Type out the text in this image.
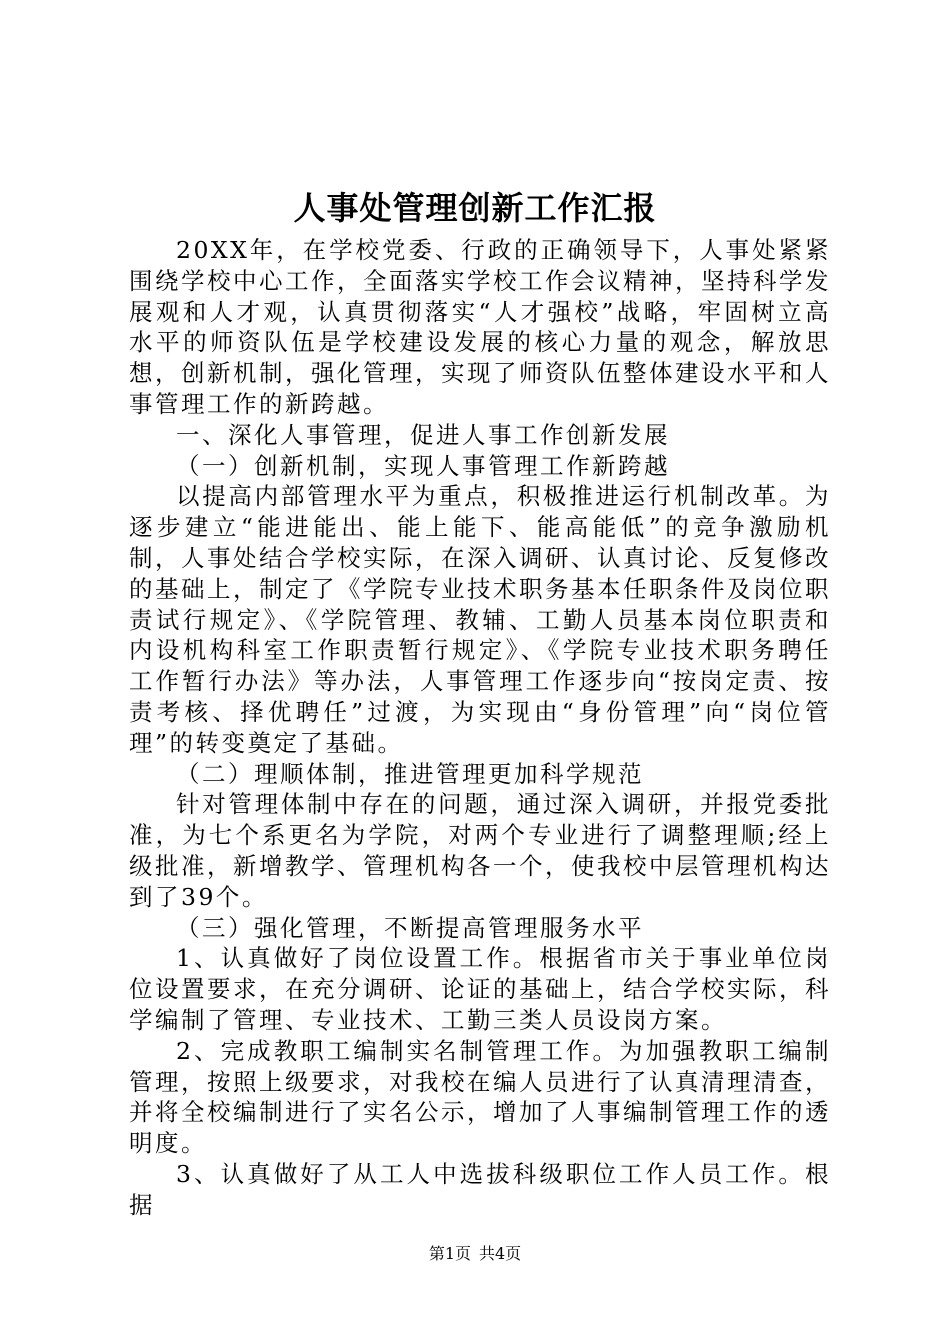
人事处管理创新工作汇报

20XX年，在学校党委、行政的正确领导下，人事处紧紧围绕学校中心工作，全面落实学校工作会议精神，坚持科学发展观和人才观，认真贯彻落实“人才强校”战略，牢固树立高水平的师资队伍是学校建设发展的核心力量的观念，解放思想，创新机制，强化管理，实现了师资队伍整体建设水平和人事管理工作的新跨越。

一、深化人事管理，促进人事工作创新发展

（一）创新机制，实现人事管理工作新跨越

以提高内部管理水平为重点，积极推进运行机制改革。为逐步建立“能进能出、能上能下、能高能低”的竞争激励机制，人事处结合学校实际，在深入调研、认真讨论、反复修改的基础上，制定了《学院专业技术职务基本任职条件及岗位职责试行规定》、《学院管理、教辅、工勤人员基本岗位职责和内设机构科室工作职责暂行规定》、《学院专业技术职务聘任工作暂行办法》等办法，人事管理工作逐步向“按岗定责、按责考核、择优聘任”过渡，为实现由“身份管理”向“岗位管理”的转变奠定了基础。

（二）理顺体制，推进管理更加科学规范

针对管理体制中存在的问题，通过深入调研，并报党委批准，为七个系更名为学院，对两个专业进行了调整理顺;经上级批准，新增教学、管理机构各一个，使我校中层管理机构达到了39个。

（三）强化管理，不断提高管理服务水平

1、认真做好了岗位设置工作。根据省市关于事业单位岗位设置要求，在充分调研、论证的基础上，结合学校实际，科学编制了管理、专业技术、工勤三类人员设岗方案。

2、完成教职工编制实名制管理工作。为加强教职工编制管理，按照上级要求，对我校在编人员进行了认真清理清查，并将全校编制进行了实名公示，增加了人事编制管理工作的透明度。

3、认真做好了从工人中选拔科级职位工作人员工作。根据

第1页 共4页
